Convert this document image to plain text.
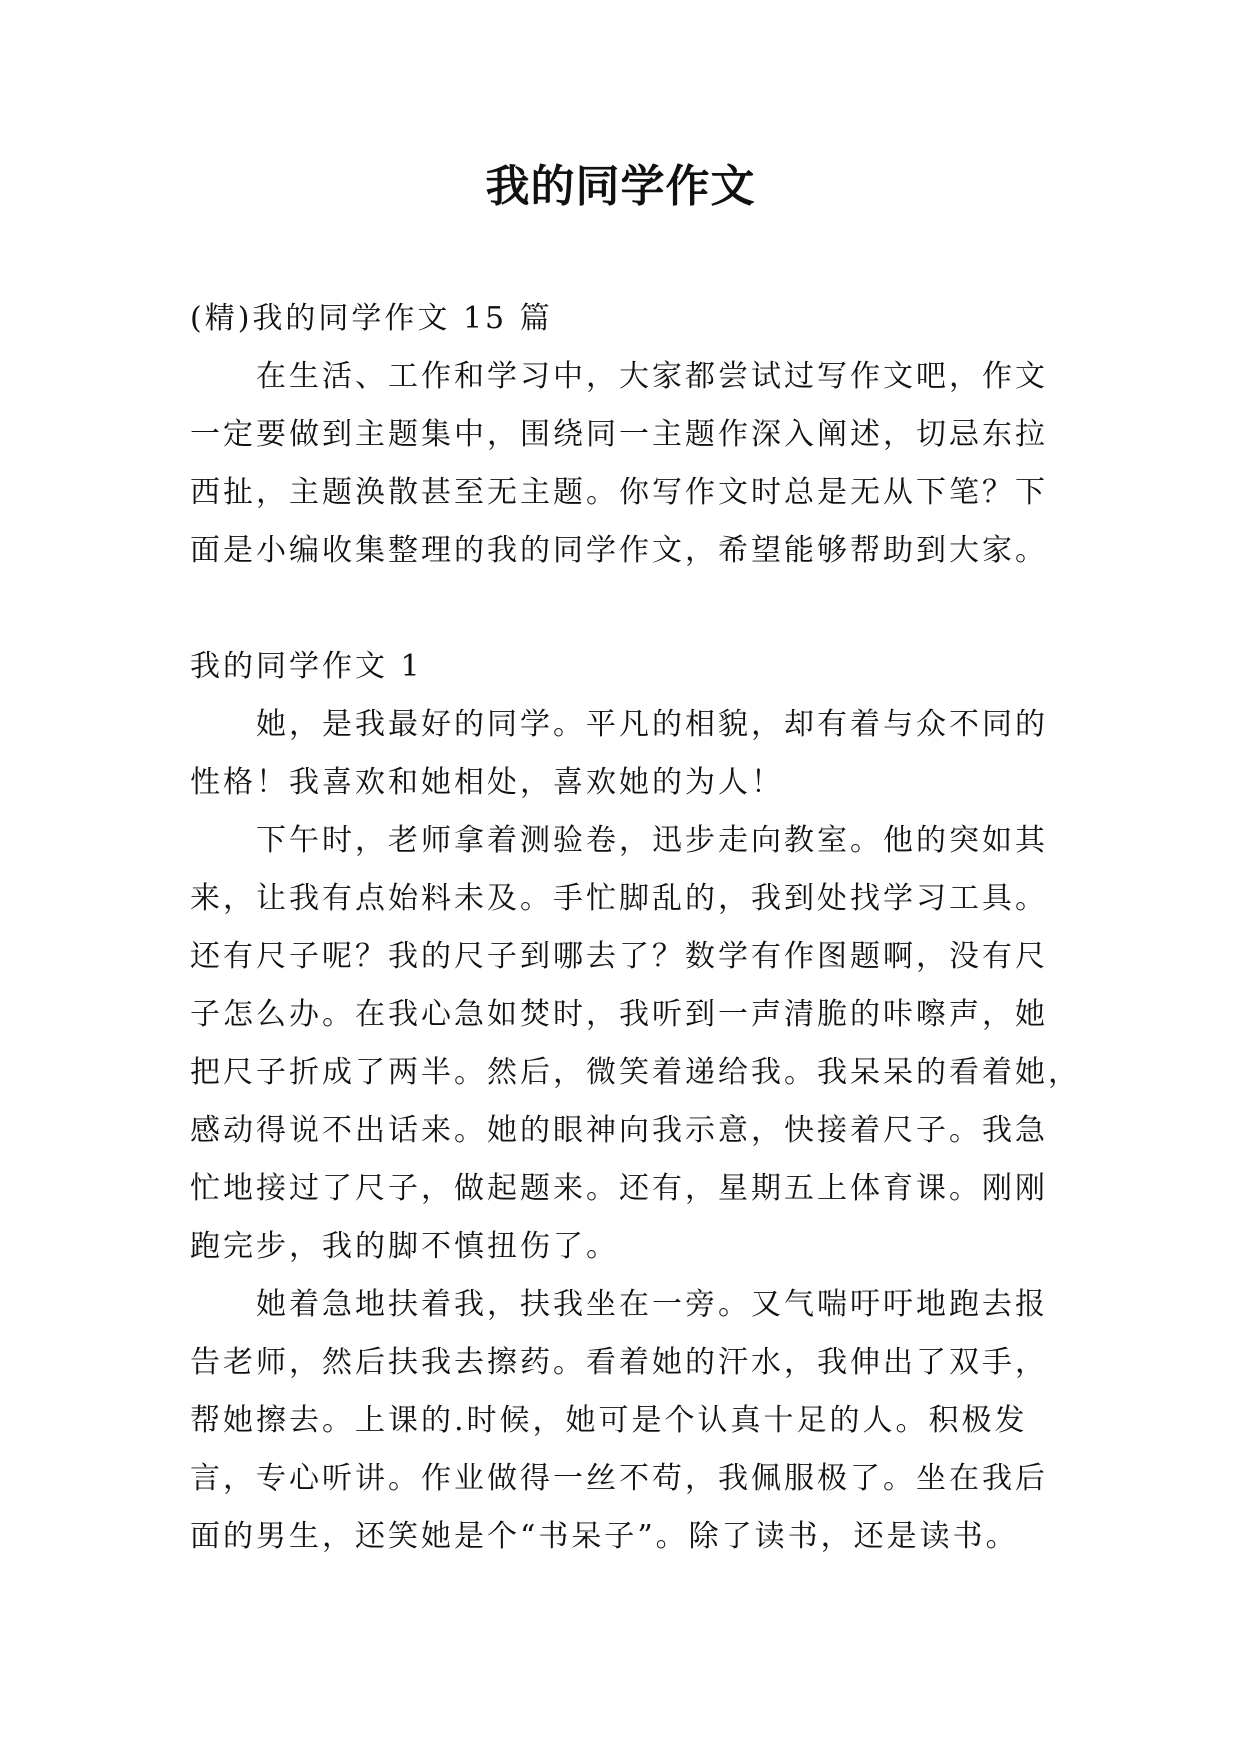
我的同学作文

(精)我的同学作文 15 篇

在生活、工作和学习中，大家都尝试过写作文吧，作文

一定要做到主题集中，围绕同一主题作深入阐述，切忌东拉

西扯，主题涣散甚至无主题。你写作文时总是无从下笔？下

面是小编收集整理的我的同学作文，希望能够帮助到大家。

我的同学作文 1

她，是我最好的同学。平凡的相貌，却有着与众不同的

性格！我喜欢和她相处，喜欢她的为人！

下午时，老师拿着测验卷，迅步走向教室。他的突如其

来，让我有点始料未及。手忙脚乱的，我到处找学习工具。

还有尺子呢？我的尺子到哪去了？数学有作图题啊，没有尺

子怎么办。在我心急如焚时，我听到一声清脆的咔嚓声，她

把尺子折成了两半。然后，微笑着递给我。我呆呆的看着她，

感动得说不出话来。她的眼神向我示意，快接着尺子。我急

忙地接过了尺子，做起题来。还有，星期五上体育课。刚刚

跑完步，我的脚不慎扭伤了。

她着急地扶着我，扶我坐在一旁。又气喘吁吁地跑去报

告老师，然后扶我去擦药。看着她的汗水，我伸出了双手，

帮她擦去。上课的.时候，她可是个认真十足的人。积极发

言，专心听讲。作业做得一丝不苟，我佩服极了。坐在我后

面的男生，还笑她是个“书呆子”。除了读书，还是读书。
